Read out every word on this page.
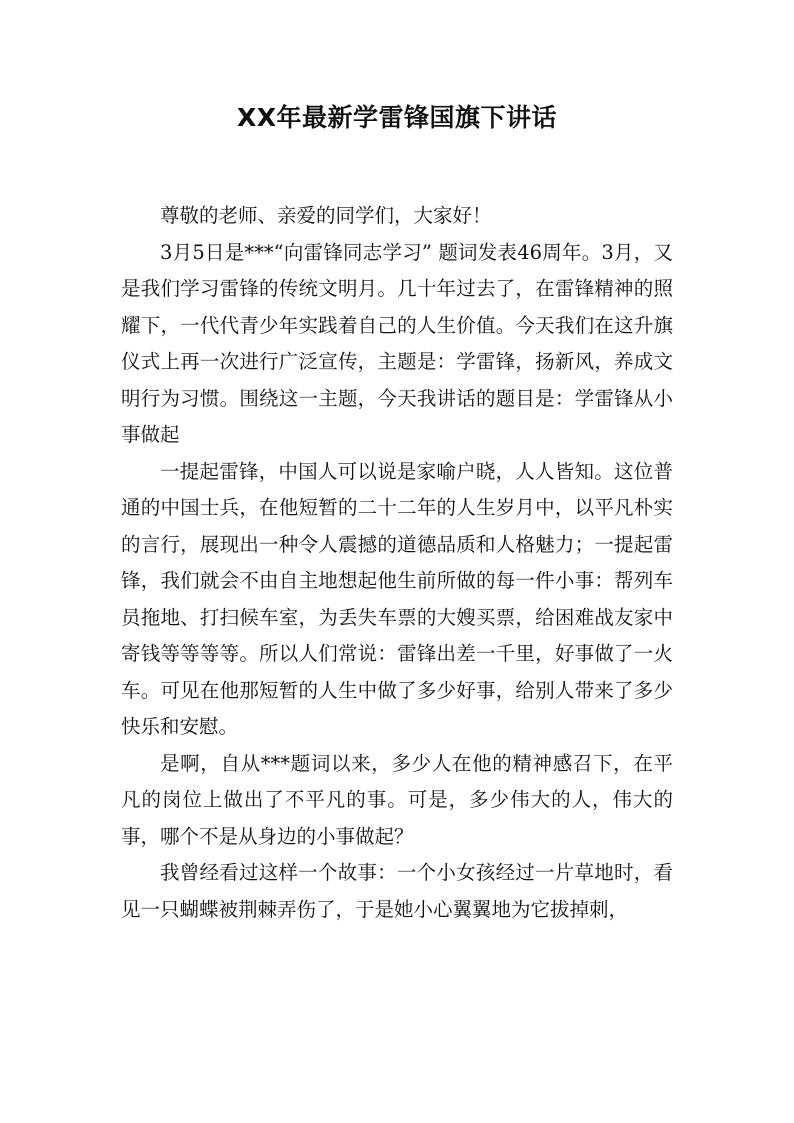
XX年最新学雷锋国旗下讲话

尊敬的老师、亲爱的同学们，大家好！

3月5日是***“向雷锋同志学习” 题词发表46周年。3月，又是我们学习雷锋的传统文明月。几十年过去了，在雷锋精神的照耀下，一代代青少年实践着自己的人生价值。今天我们在这升旗仪式上再一次进行广泛宣传，主题是：学雷锋，扬新风，养成文明行为习惯。围绕这一主题，今天我讲话的题目是：学雷锋从小事做起

一提起雷锋，中国人可以说是家喻户晓，人人皆知。这位普通的中国士兵，在他短暂的二十二年的人生岁月中，以平凡朴实的言行，展现出一种令人震撼的道德品质和人格魅力；一提起雷锋，我们就会不由自主地想起他生前所做的每一件小事：帮列车员拖地、打扫候车室，为丢失车票的大嫂买票，给困难战友家中寄钱等等等等。所以人们常说：雷锋出差一千里，好事做了一火车。可见在他那短暂的人生中做了多少好事，给别人带来了多少快乐和安慰。

是啊，自从***题词以来，多少人在他的精神感召下，在平凡的岗位上做出了不平凡的事。可是，多少伟大的人，伟大的事，哪个不是从身边的小事做起？

我曾经看过这样一个故事：一个小女孩经过一片草地时，看见一只蝴蝶被荆棘弄伤了，于是她小心翼翼地为它拔掉刺，
